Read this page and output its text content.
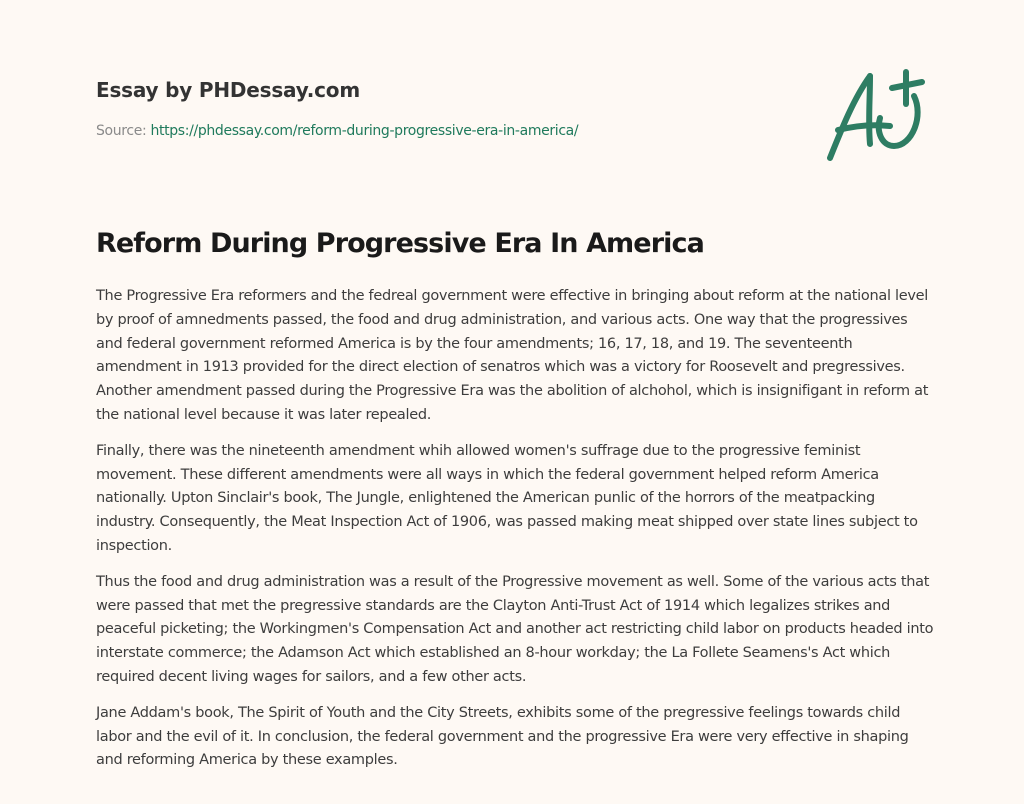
Essay by PHDessay.com
Source: https://phdessay.com/reform-during-progressive-era-in-america/
Reform During Progressive Era In America

The Progressive Era reformers and the fedreal government were effective in bringing about reform at the national level by proof of amnedments passed, the food and drug administration, and various acts. One way that the progressives and federal government reformed America is by the four amendments; 16, 17, 18, and 19. The seventeenth amendment in 1913 provided for the direct election of senatros which was a victory for Roosevelt and pregressives. Another amendment passed during the Progressive Era was the abolition of alchohol, which is insignifigant in reform at the national level because it was later repealed.

Finally, there was the nineteenth amendment whih allowed women's suffrage due to the progressive feminist movement. These different amendments were all ways in which the federal government helped reform America nationally. Upton Sinclair's book, The Jungle, enlightened the American punlic of the horrors of the meatpacking industry. Consequently, the Meat Inspection Act of 1906, was passed making meat shipped over state lines subject to inspection.

Thus the food and drug administration was a result of the Progressive movement as well. Some of the various acts that were passed that met the pregressive standards are the Clayton Anti-Trust Act of 1914 which legalizes strikes and peaceful picketing; the Workingmen's Compensation Act and another act restricting child labor on products headed into interstate commerce; the Adamson Act which established an 8-hour workday; the La Follete Seamens's Act which required decent living wages for sailors, and a few other acts.

Jane Addam's book, The Spirit of Youth and the City Streets, exhibits some of the pregressive feelings towards child labor and the evil of it. In conclusion, the federal government and the progressive Era were very effective in shaping and reforming America by these examples.
